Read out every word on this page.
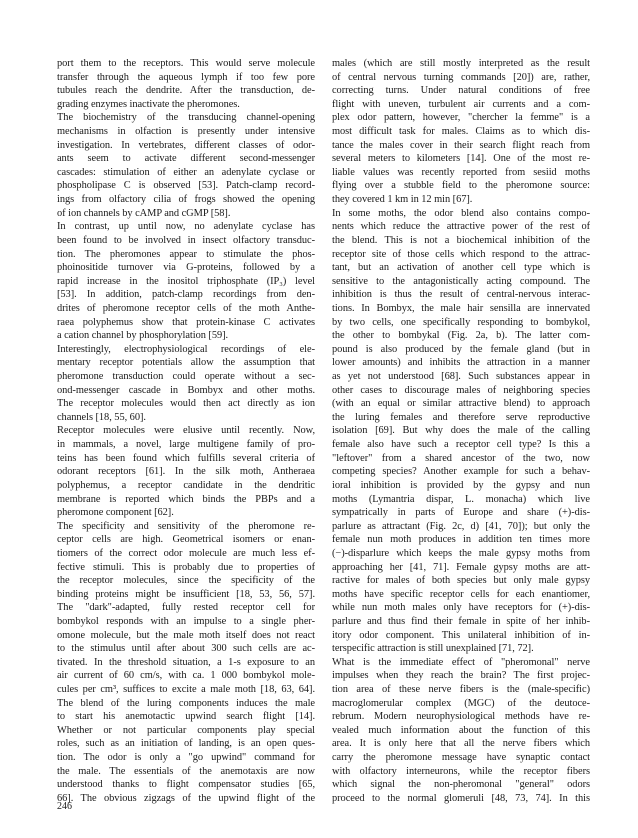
port them to the receptors. This would serve molecule
transfer through the aqueous lymph if too few pore
tubules reach the dendrite. After the transduction, de-
grading enzymes inactivate the pheromones.
The biochemistry of the transducing channel-opening
mechanisms in olfaction is presently under intensive
investigation. In vertebrates, different classes of odor-
ants seem to activate different second-messenger
cascades: stimulation of either an adenylate cyclase or
phospholipase C is observed [53]. Patch-clamp record-
ings from olfactory cilia of frogs showed the opening
of ion channels by cAMP and cGMP [58].
In contrast, up until now, no adenylate cyclase has
been found to be involved in insect olfactory transduc-
tion. The pheromones appear to stimulate the phos-
phoinositide turnover via G-proteins, followed by a
rapid increase in the inositol triphosphate (IP₃) level
[53]. In addition, patch-clamp recordings from den-
drites of pheromone receptor cells of the moth Anthe-
raea polyphemus show that protein-kinase C activates
a cation channel by phosphorylation [59].
Interestingly, electrophysiological recordings of ele-
mentary receptor potentials allow the assumption that
pheromone transduction could operate without a sec-
ond-messenger cascade in Bombyx and other moths.
The receptor molecules would then act directly as ion
channels [18, 55, 60].
Receptor molecules were elusive until recently. Now,
in mammals, a novel, large multigene family of pro-
teins has been found which fulfills several criteria of
odorant receptors [61]. In the silk moth, Antheraea
polyphemus, a receptor candidate in the dendritic
membrane is reported which binds the PBPs and a
pheromone component [62].
The specificity and sensitivity of the pheromone re-
ceptor cells are high. Geometrical isomers or enan-
tiomers of the correct odor molecule are much less ef-
fective stimuli. This is probably due to properties of
the receptor molecules, since the specificity of the
binding proteins might be insufficient [18, 53, 56, 57].
The "dark"-adapted, fully rested receptor cell for
bombykol responds with an impulse to a single pher-
omone molecule, but the male moth itself does not react
to the stimulus until after about 300 such cells are ac-
tivated. In the threshold situation, a 1-s exposure to an
air current of 60 cm/s, with ca. 1 000 bombykol mole-
cules per cm³, suffices to excite a male moth [18, 63, 64].
The blend of the luring components induces the male
to start his anemotactic upwind search flight [14].
Whether or not particular components play special
roles, such as an initiation of landing, is an open ques-
tion. The odor is only a "go upwind" command for
the male. The essentials of the anemotaxis are now
understood thanks to flight compensator studies [65,
66]. The obvious zigzags of the upwind flight of the
males (which are still mostly interpreted as the result
of central nervous turning commands [20]) are, rather,
correcting turns. Under natural conditions of free
flight with uneven, turbulent air currents and a com-
plex odor pattern, however, "chercher la femme" is a
most difficult task for males. Claims as to which dis-
tance the males cover in their search flight reach from
several meters to kilometers [14]. One of the most re-
liable values was recently reported from sesiid moths
flying over a stubble field to the pheromone source:
they covered 1 km in 12 min [67].
In some moths, the odor blend also contains compo-
nents which reduce the attractive power of the rest of
the blend. This is not a biochemical inhibition of the
receptor site of those cells which respond to the attrac-
tant, but an activation of another cell type which is
sensitive to the antagonistically acting compound. The
inhibition is thus the result of central-nervous interac-
tions. In Bombyx, the male hair sensilla are innervated
by two cells, one specifically responding to bombykol,
the other to bombykal (Fig. 2a, b). The latter com-
pound is also produced by the female gland (but in
lower amounts) and inhibits the attraction in a manner
as yet not understood [68]. Such substances appear in
other cases to discourage males of neighboring species
(with an equal or similar attractive blend) to approach
the luring females and therefore serve reproductive
isolation [69]. But why does the male of the calling
female also have such a receptor cell type? Is this a
"leftover" from a shared ancestor of the two, now
competing species? Another example for such a behav-
ioral inhibition is provided by the gypsy and nun
moths (Lymantria dispar, L. monacha) which live
sympatrically in parts of Europe and share (+)-dis-
parlure as attractant (Fig. 2c, d) [41, 70]); but only the
female nun moth produces in addition ten times more
(−)-disparlure which keeps the male gypsy moths from
approaching her [41, 71]. Female gypsy moths are att-
ractive for males of both species but only male gypsy
moths have specific receptor cells for each enantiomer,
while nun moth males only have receptors for (+)-dis-
parlure and thus find their female in spite of her inhib-
itory odor component. This unilateral inhibition of in-
terspecific attraction is still unexplained [71, 72].
What is the immediate effect of "pheromonal" nerve
impulses when they reach the brain? The first projec-
tion area of these nerve fibers is the (male-specific)
macroglomerular complex (MGC) of the deutoce-
rebrum. Modern neurophysiological methods have re-
vealed much information about the function of this
area. It is only here that all the nerve fibers which
carry the pheromone message have synaptic contact
with olfactory interneurons, while the receptor fibers
which signal the non-pheromonal "general" odors
proceed to the normal glomeruli [48, 73, 74]. In this
246
